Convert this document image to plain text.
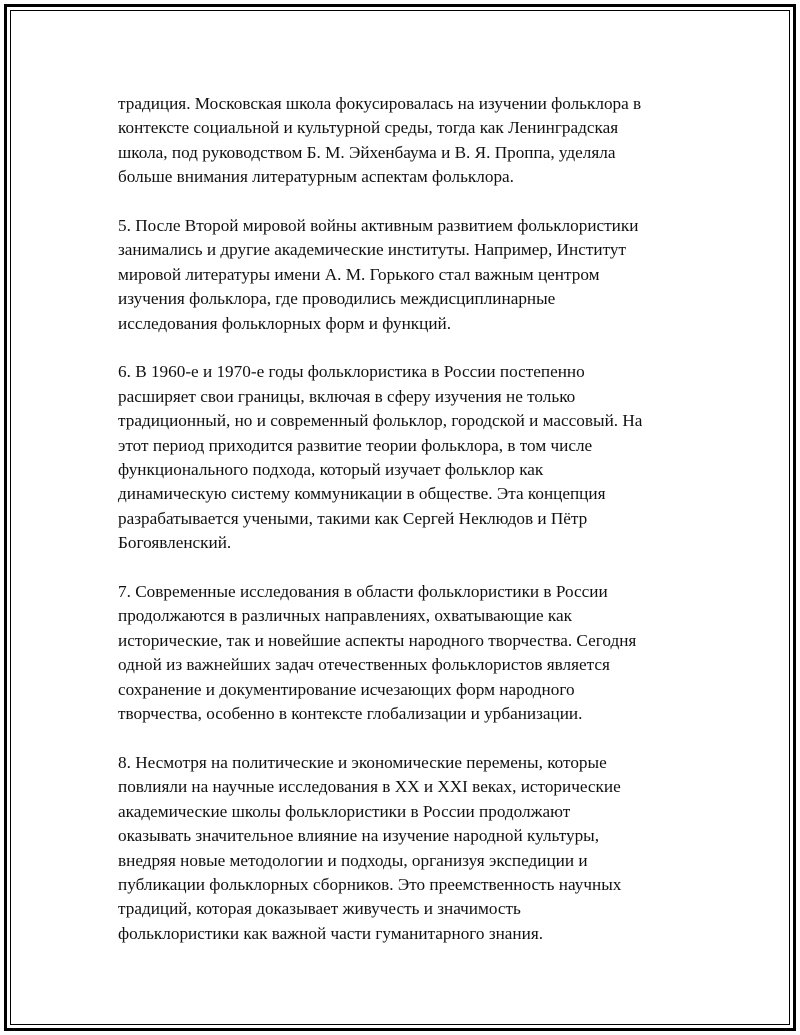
традиция. Московская школа фокусировалась на изучении фольклора в
контексте социальной и культурной среды, тогда как Ленинградская
школа, под руководством Б. М. Эйхенбаума и В. Я. Проппа, уделяла
больше внимания литературным аспектам фольклора.

5. После Второй мировой войны активным развитием фольклористики
занимались и другие академические институты. Например, Институт
мировой литературы имени А. М. Горького стал важным центром
изучения фольклора, где проводились междисциплинарные
исследования фольклорных форм и функций.

6. В 1960-е и 1970-е годы фольклористика в России постепенно
расширяет свои границы, включая в сферу изучения не только
традиционный, но и современный фольклор, городской и массовый. На
этот период приходится развитие теории фольклора, в том числе
функционального подхода, который изучает фольклор как
динамическую систему коммуникации в обществе. Эта концепция
разрабатывается учеными, такими как Сергей Неклюдов и Пётр
Богоявленский.

7. Современные исследования в области фольклористики в России
продолжаются в различных направлениях, охватывающие как
исторические, так и новейшие аспекты народного творчества. Сегодня
одной из важнейших задач отечественных фольклористов является
сохранение и документирование исчезающих форм народного
творчества, особенно в контексте глобализации и урбанизации.

8. Несмотря на политические и экономические перемены, которые
повлияли на научные исследования в XX и XXI веках, исторические
академические школы фольклористики в России продолжают
оказывать значительное влияние на изучение народной культуры,
внедряя новые методологии и подходы, организуя экспедиции и
публикации фольклорных сборников. Это преемственность научных
традиций, которая доказывает живучесть и значимость
фольклористики как важной части гуманитарного знания.
